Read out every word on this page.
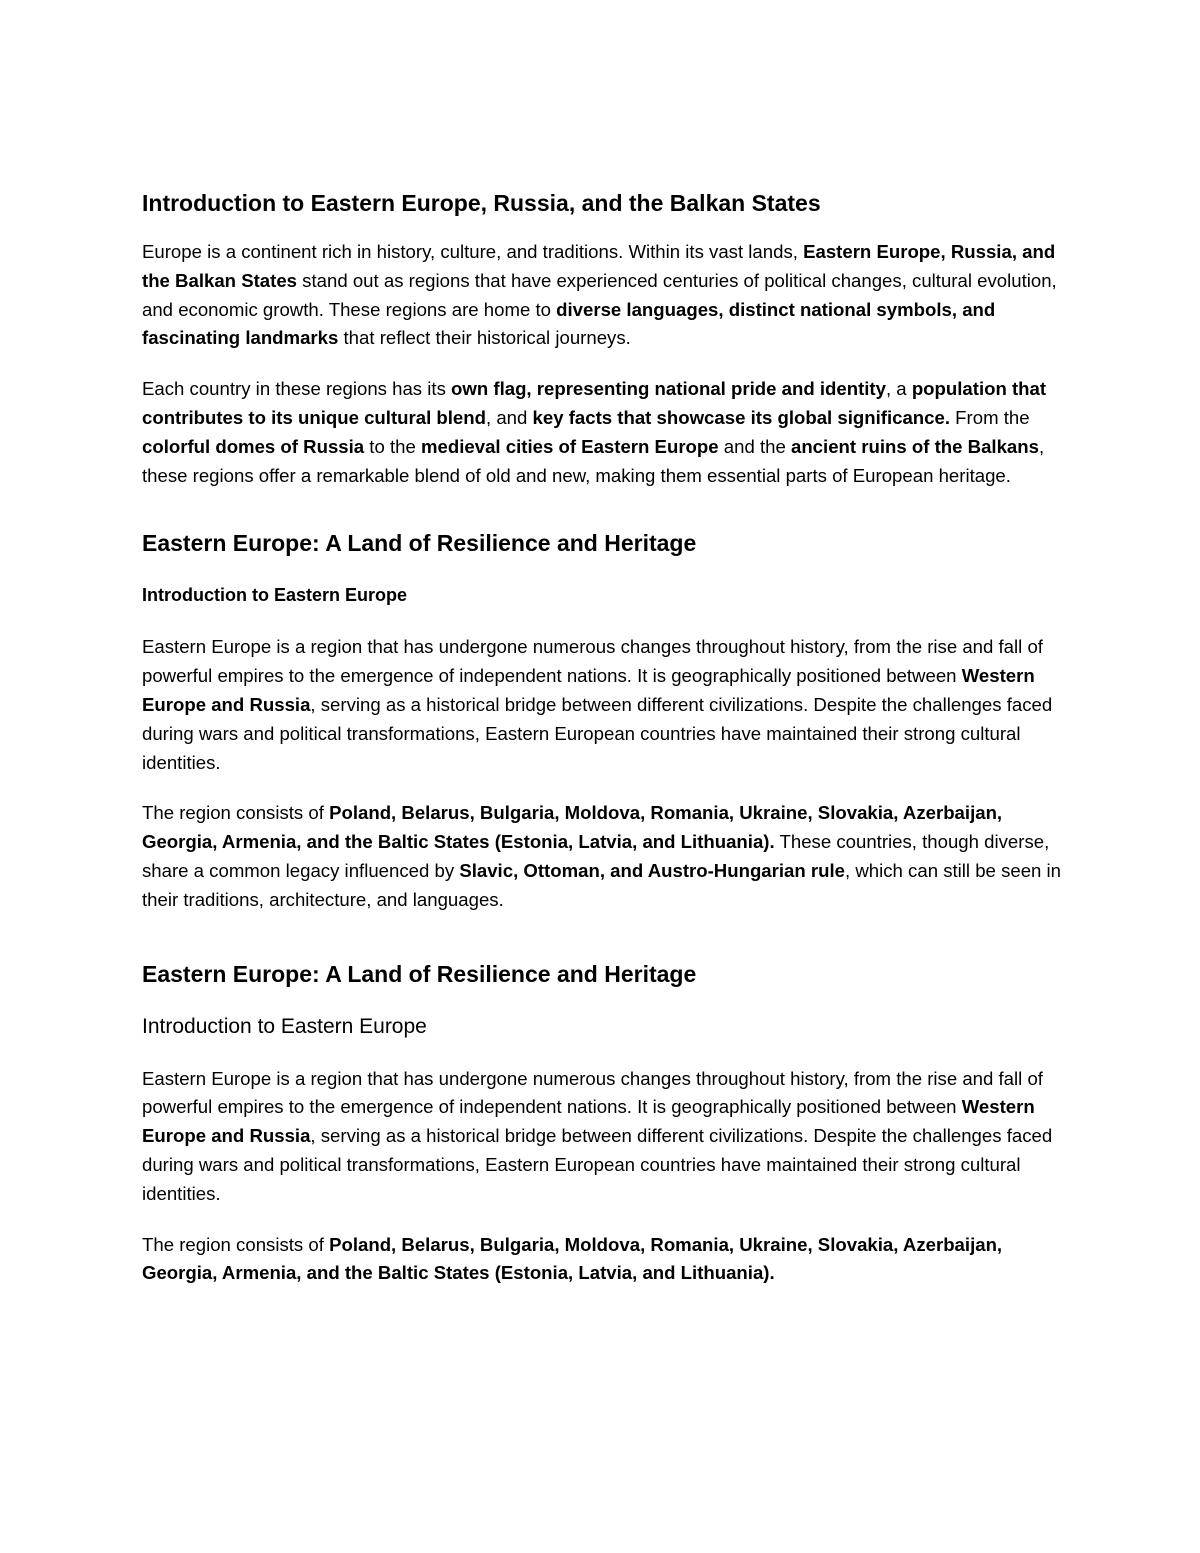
Introduction to Eastern Europe, Russia, and the Balkan States

Europe is a continent rich in history, culture, and traditions. Within its vast lands, Eastern Europe, Russia, and the Balkan States stand out as regions that have experienced centuries of political changes, cultural evolution, and economic growth. These regions are home to diverse languages, distinct national symbols, and fascinating landmarks that reflect their historical journeys.

Each country in these regions has its own flag, representing national pride and identity, a population that contributes to its unique cultural blend, and key facts that showcase its global significance. From the colorful domes of Russia to the medieval cities of Eastern Europe and the ancient ruins of the Balkans, these regions offer a remarkable blend of old and new, making them essential parts of European heritage.

Eastern Europe: A Land of Resilience and Heritage
Introduction to Eastern Europe

Eastern Europe is a region that has undergone numerous changes throughout history, from the rise and fall of powerful empires to the emergence of independent nations. It is geographically positioned between Western Europe and Russia, serving as a historical bridge between different civilizations. Despite the challenges faced during wars and political transformations, Eastern European countries have maintained their strong cultural identities.

The region consists of Poland, Belarus, Bulgaria, Moldova, Romania, Ukraine, Slovakia, Azerbaijan, Georgia, Armenia, and the Baltic States (Estonia, Latvia, and Lithuania). These countries, though diverse, share a common legacy influenced by Slavic, Ottoman, and Austro-Hungarian rule, which can still be seen in their traditions, architecture, and languages.

Eastern Europe: A Land of Resilience and Heritage
Introduction to Eastern Europe

Eastern Europe is a region that has undergone numerous changes throughout history, from the rise and fall of powerful empires to the emergence of independent nations. It is geographically positioned between Western Europe and Russia, serving as a historical bridge between different civilizations. Despite the challenges faced during wars and political transformations, Eastern European countries have maintained their strong cultural identities.

The region consists of Poland, Belarus, Bulgaria, Moldova, Romania, Ukraine, Slovakia, Azerbaijan, Georgia, Armenia, and the Baltic States (Estonia, Latvia, and Lithuania).
